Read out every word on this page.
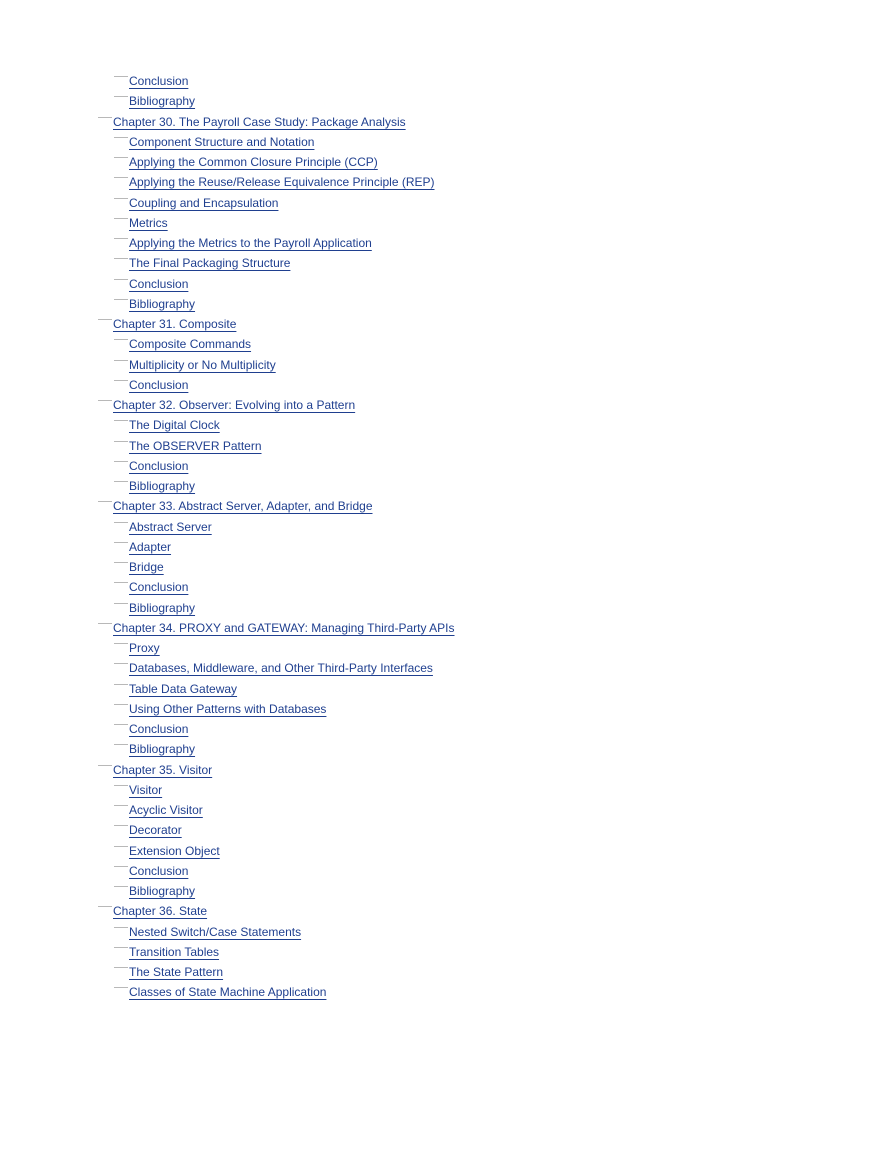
Conclusion
Bibliography
Chapter 30. The Payroll Case Study: Package Analysis
Component Structure and Notation
Applying the Common Closure Principle (CCP)
Applying the Reuse/Release Equivalence Principle (REP)
Coupling and Encapsulation
Metrics
Applying the Metrics to the Payroll Application
The Final Packaging Structure
Conclusion
Bibliography
Chapter 31. Composite
Composite Commands
Multiplicity or No Multiplicity
Conclusion
Chapter 32. Observer: Evolving into a Pattern
The Digital Clock
The OBSERVER Pattern
Conclusion
Bibliography
Chapter 33. Abstract Server, Adapter, and Bridge
Abstract Server
Adapter
Bridge
Conclusion
Bibliography
Chapter 34. PROXY and GATEWAY: Managing Third-Party APIs
Proxy
Databases, Middleware, and Other Third-Party Interfaces
Table Data Gateway
Using Other Patterns with Databases
Conclusion
Bibliography
Chapter 35. Visitor
Visitor
Acyclic Visitor
Decorator
Extension Object
Conclusion
Bibliography
Chapter 36. State
Nested Switch/Case Statements
Transition Tables
The State Pattern
Classes of State Machine Application
